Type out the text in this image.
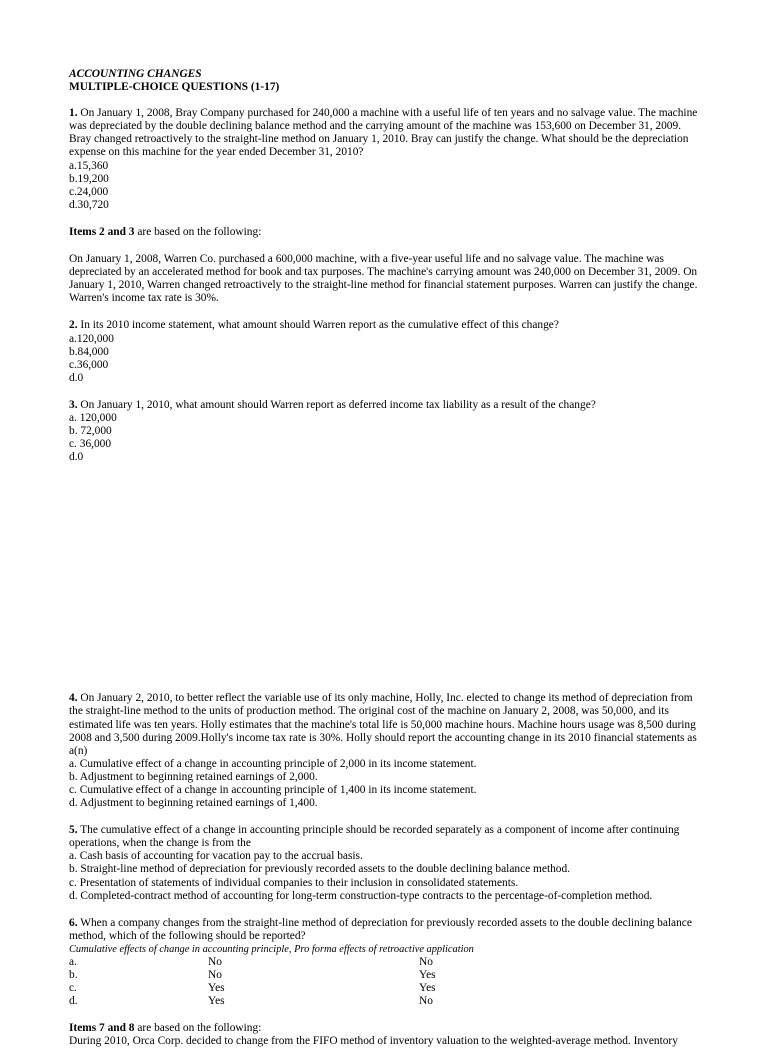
ACCOUNTING CHANGES
MULTIPLE-CHOICE QUESTIONS (1-17)

1. On January 1, 2008, Bray Company purchased for 240,000 a machine with a useful life of ten years and no salvage value. The machine was depreciated by the double declining balance method and the carrying amount of the machine was 153,600 on December 31, 2009. Bray changed retroactively to the straight-line method on January 1, 2010. Bray can justify the change. What should be the depreciation expense on this machine for the year ended December 31, 2010?

a.15,360
b.19,200
c.24,000
d.30,720
Items 2 and 3 are based on the following:

On January 1, 2008, Warren Co. purchased a 600,000 machine, with a five-year useful life and no salvage value. The machine was depreciated by an accelerated method for book and tax purposes. The machine's carrying amount was 240,000 on December 31, 2009. On January 1, 2010, Warren changed retroactively to the straight-line method for financial statement purposes. Warren can justify the change. Warren's income tax rate is 30%.

2. In its 2010 income statement, what amount should Warren report as the cumulative effect of this change?

a.120,000
b.84,000
c.36,000
d.0

3. On January 1, 2010, what amount should Warren report as deferred income tax liability as a result of the change?

a. 120,000
b. 72,000
c. 36,000
d.0

4. On January 2, 2010, to better reflect the variable use of its only machine, Holly, Inc. elected to change its method of depreciation from the straight-line method to the units of production method. The original cost of the machine on January 2, 2008, was 50,000, and its estimated life was ten years. Holly estimates that the machine's total life is 50,000 machine hours. Machine hours usage was 8,500 during 2008 and 3,500 during 2009.Holly's income tax rate is 30%. Holly should report the accounting change in its 2010 financial statements as a(n)

a. Cumulative effect of a change in accounting principle of 2,000 in its income statement.
b. Adjustment to beginning retained earnings of 2,000.
c. Cumulative effect of a change in accounting principle of 1,400 in its income statement.
d. Adjustment to beginning retained earnings of 1,400.

5. The cumulative effect of a change in accounting principle should be recorded separately as a component of income after continuing operations, when the change is from the

a. Cash basis of accounting for vacation pay to the accrual basis.
b. Straight-line method of depreciation for previously recorded assets to the double declining balance method.
c. Presentation of statements of individual companies to their inclusion in consolidated statements.
d. Completed-contract method of accounting for long-term construction-type contracts to the percentage-of-completion method.

6. When a company changes from the straight-line method of depreciation for previously recorded assets to the double declining balance method, which of the following should be reported?

Cumulative effects of change in accounting principle, Pro forma effects of retroactive application
a.	No	No
b.	No	Yes
c.	Yes	Yes
d.	Yes	No
Items 7 and 8 are based on the following:

During 2010, Orca Corp. decided to change from the FIFO method of inventory valuation to the weighted-average method. Inventory
